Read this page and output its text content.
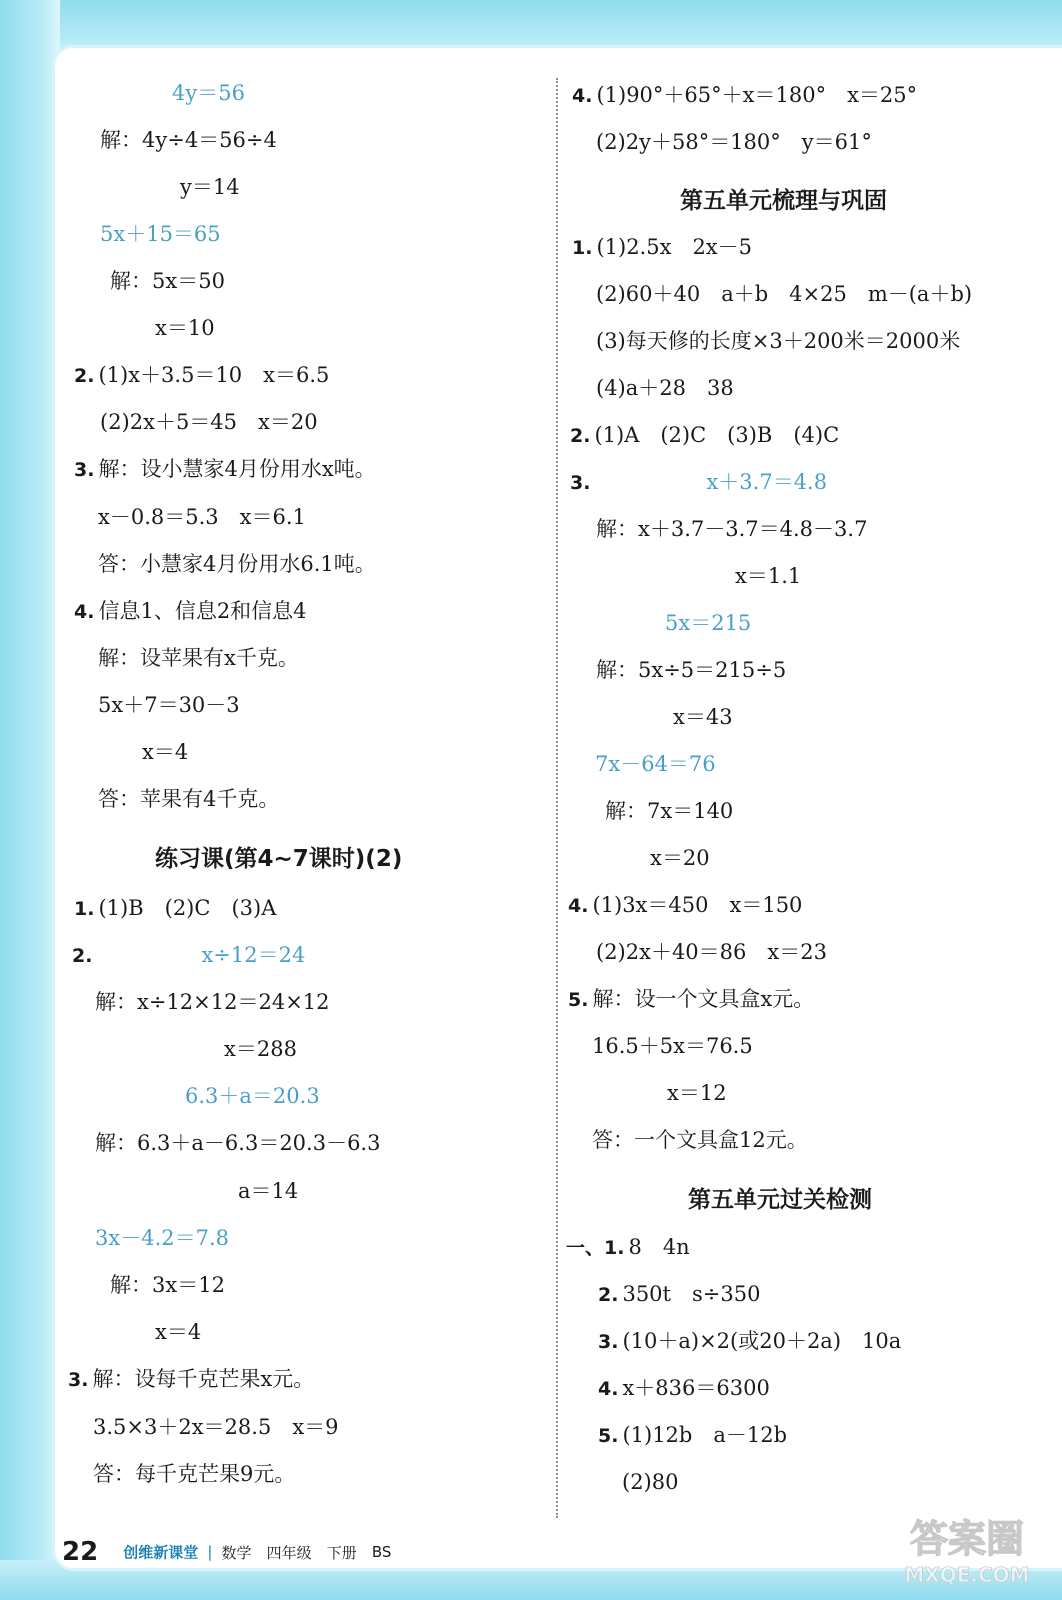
4y＝56
解：4y÷4＝56÷4
y＝14
5x＋15＝65
解：5x＝50
x＝10
2. (1)x＋3.5＝10　x＝6.5
(2)2x＋5＝45　x＝20
3. 解：设小慧家4月份用水x吨。
x－0.8＝5.3　x＝6.1
答：小慧家4月份用水6.1吨。
4. 信息1、信息2和信息4
解：设苹果有x千克。
5x＋7＝30－3
x＝4
答：苹果有4千克。
练习课(第4~7课时)(2)
1. (1)B　(2)C　(3)A
2.	x÷12＝24
解：x÷12×12＝24×12
x＝288
6.3＋a＝20.3
解：6.3＋a－6.3＝20.3－6.3
a＝14
3x－4.2＝7.8
解：3x＝12
x＝4
3. 解：设每千克芒果x元。
3.5×3＋2x＝28.5　x＝9
答：每千克芒果9元。
4. (1)90°＋65°＋x＝180°　x＝25°
(2)2y＋58°＝180°　y＝61°
第五单元梳理与巩固
1. (1)2.5x　2x－5
(2)60＋40　a＋b　4×25　m－(a＋b)
(3)每天修的长度×3＋200米＝2000米
(4)a＋28　38
2. (1)A　(2)C　(3)B　(4)C
3.	x＋3.7＝4.8
解：x＋3.7－3.7＝4.8－3.7
x＝1.1
5x＝215
解：5x÷5＝215÷5
x＝43
7x－64＝76
解：7x＝140
x＝20
4. (1)3x＝450　x＝150
(2)2x＋40＝86　x＝23
5. 解：设一个文具盒x元。
16.5＋5x＝76.5
x＝12
答：一个文具盒12元。
第五单元过关检测
一、1. 8　4n
2. 350t　s÷350
3. (10＋a)×2(或20＋2a)　10a
4. x＋836＝6300
5. (1)12b　a－12b
(2)80
22 创维新课堂 | 数学 四年级 下册 BS	答案圈
MXQE.COM
